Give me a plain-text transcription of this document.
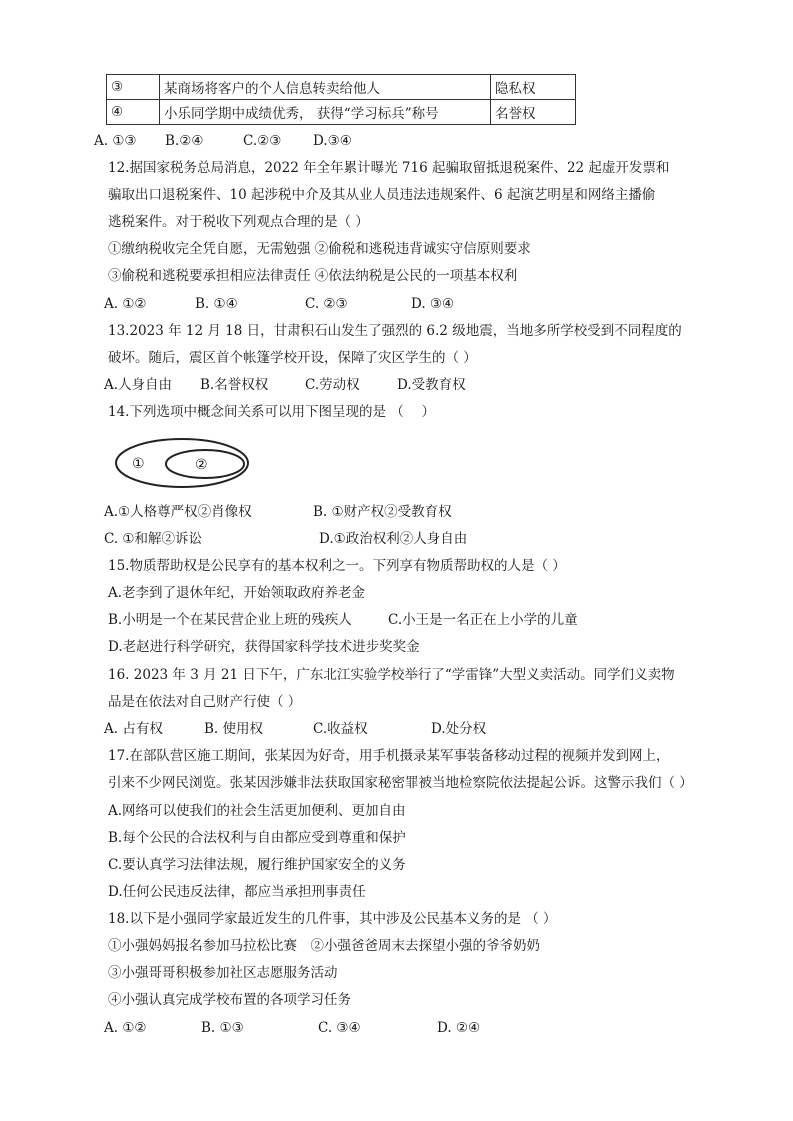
③	某商场将客户的个人信息转卖给他人	隐私权
④	小乐同学期中成绩优秀， 获得“学习标兵”称号	名誉权
A. ①③ B.②④	C.②③ D.③④
12.据国家税务总局消息，2022 年全年累计曝光 716 起骗取留抵退税案件、22 起虚开发票和
骗取出口退税案件、10 起涉税中介及其从业人员违法违规案件、6 起演艺明星和网络主播偷
逃税案件。对于税收下列观点合理的是（ ）
①缴纳税收完全凭自愿，无需勉强 ②偷税和逃税违背诚实守信原则要求
③偷税和逃税要承担相应法律责任 ④依法纳税是公民的一项基本权利
A. ①②	B. ①④	C. ②③	D. ③④
13.2023 年 12 月 18 日，甘肃积石山发生了强烈的 6.2 级地震，当地多所学校受到不同程度的
破坏。随后，震区首个帐篷学校开设，保障了灾区学生的（ ）
A.人身自由 B.名誉权权	C.劳动权	D.受教育权
14.下列选项中概念间关系可以用下图呈现的是 （　 ）
①	②
A.①人格尊严权②肖像权	B. ①财产权②受教育权
C. ①和解②诉讼	D.①政治权利②人身自由
15.物质帮助权是公民享有的基本权利之一。下列享有物质帮助权的人是（ ）
A.老李到了退休年纪，开始领取政府养老金
B.小明是一个在某民营企业上班的残疾人	C.小王是一名正在上小学的儿童
D.老赵进行科学研究，获得国家科学技术进步奖奖金
16. 2023 年 3 月 21 日下午，广东北江实验学校举行了“学雷锋”大型义卖活动。同学们义卖物
品是在依法对自己财产行使（ ）
A. 占有权	B. 使用权	C.收益权	D.处分权
17.在部队营区施工期间，张某因为好奇，用手机摄录某军事装备移动过程的视频并发到网上，
引来不少网民浏览。张某因涉嫌非法获取国家秘密罪被当地检察院依法提起公诉。这警示我们（ ）
A.网络可以使我们的社会生活更加便利、更加自由
B.每个公民的合法权利与自由都应受到尊重和保护
C.要认真学习法律法规，履行维护国家安全的义务
D.任何公民违反法律，都应当承担刑事责任
18.以下是小强同学家最近发生的几件事，其中涉及公民基本义务的是 （ ）
①小强妈妈报名参加马拉松比赛　②小强爸爸周末去探望小强的爷爷奶奶
③小强哥哥积极参加社区志愿服务活动
④小强认真完成学校布置的各项学习任务
A. ①②	B. ①③	C. ③④	D. ②④
